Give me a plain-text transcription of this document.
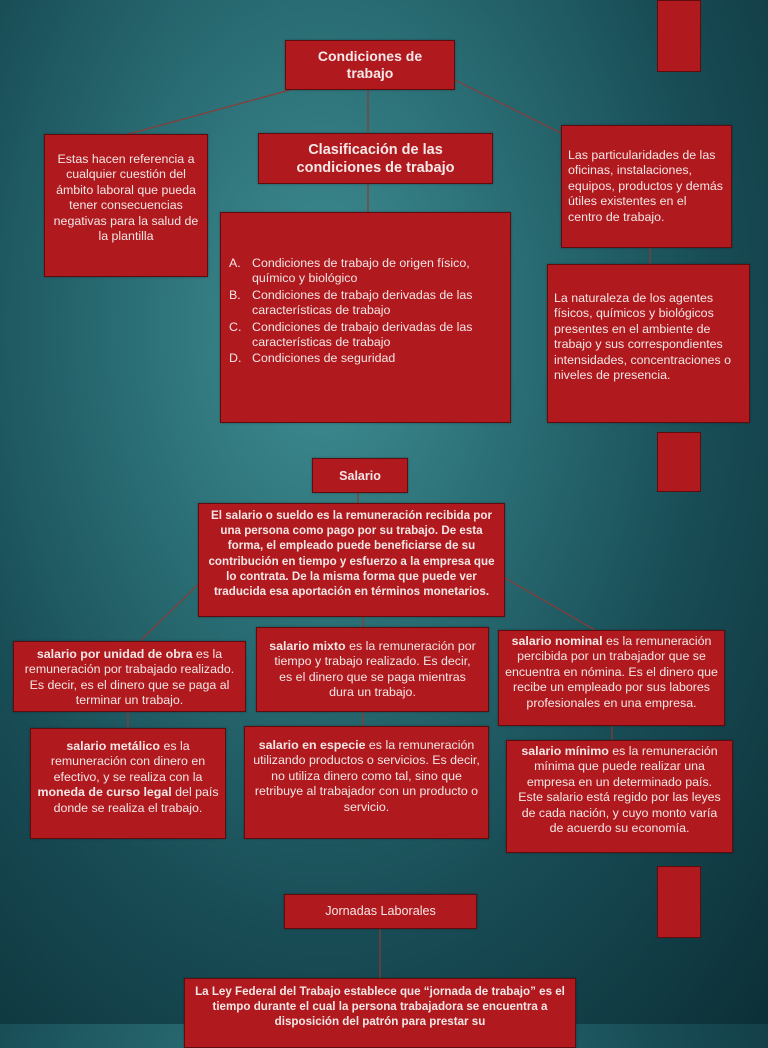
Condiciones de trabajo
Estas hacen referencia a cualquier cuestión del ámbito laboral que pueda tener consecuencias negativas para la salud de la plantilla
Clasificación de las condiciones de trabajo
A. Condiciones de trabajo de origen físico, químico y biológico
B. Condiciones de trabajo derivadas de las características de trabajo
C. Condiciones de trabajo derivadas de las características de trabajo
D. Condiciones de seguridad
Las particularidades de las oficinas, instalaciones, equipos, productos y demás útiles existentes en el centro de trabajo.
La naturaleza de los agentes físicos, químicos y biológicos presentes en el ambiente de trabajo y sus correspondientes intensidades, concentraciones o niveles de presencia.
Salario
El salario o sueldo es la remuneración recibida por una persona como pago por su trabajo. De esta forma, el empleado puede beneficiarse de su contribución en tiempo y esfuerzo a la empresa que lo contrata. De la misma forma que puede ver traducida esa aportación en términos monetarios.
salario por unidad de obra es la remuneración por trabajado realizado. Es decir, es el dinero que se paga al terminar un trabajo.
salario mixto es la remuneración por tiempo y trabajo realizado. Es decir, es el dinero que se paga mientras dura un trabajo.
salario nominal es la remuneración percibida por un trabajador que se encuentra en nómina. Es el dinero que recibe un empleado por sus labores profesionales en una empresa.
salario metálico es la remuneración con dinero en efectivo, y se realiza con la moneda de curso legal del país donde se realiza el trabajo.
salario en especie es la remuneración utilizando productos o servicios. Es decir, no utiliza dinero como tal, sino que retribuye al trabajador con un producto o servicio.
salario mínimo es la remuneración mínima que puede realizar una empresa en un determinado país. Este salario está regido por las leyes de cada nación, y cuyo monto varía de acuerdo su economía.
Jornadas Laborales
La Ley Federal del Trabajo establece que “jornada de trabajo” es el tiempo durante el cual la persona trabajadora se encuentra a disposición del patrón para prestar su
